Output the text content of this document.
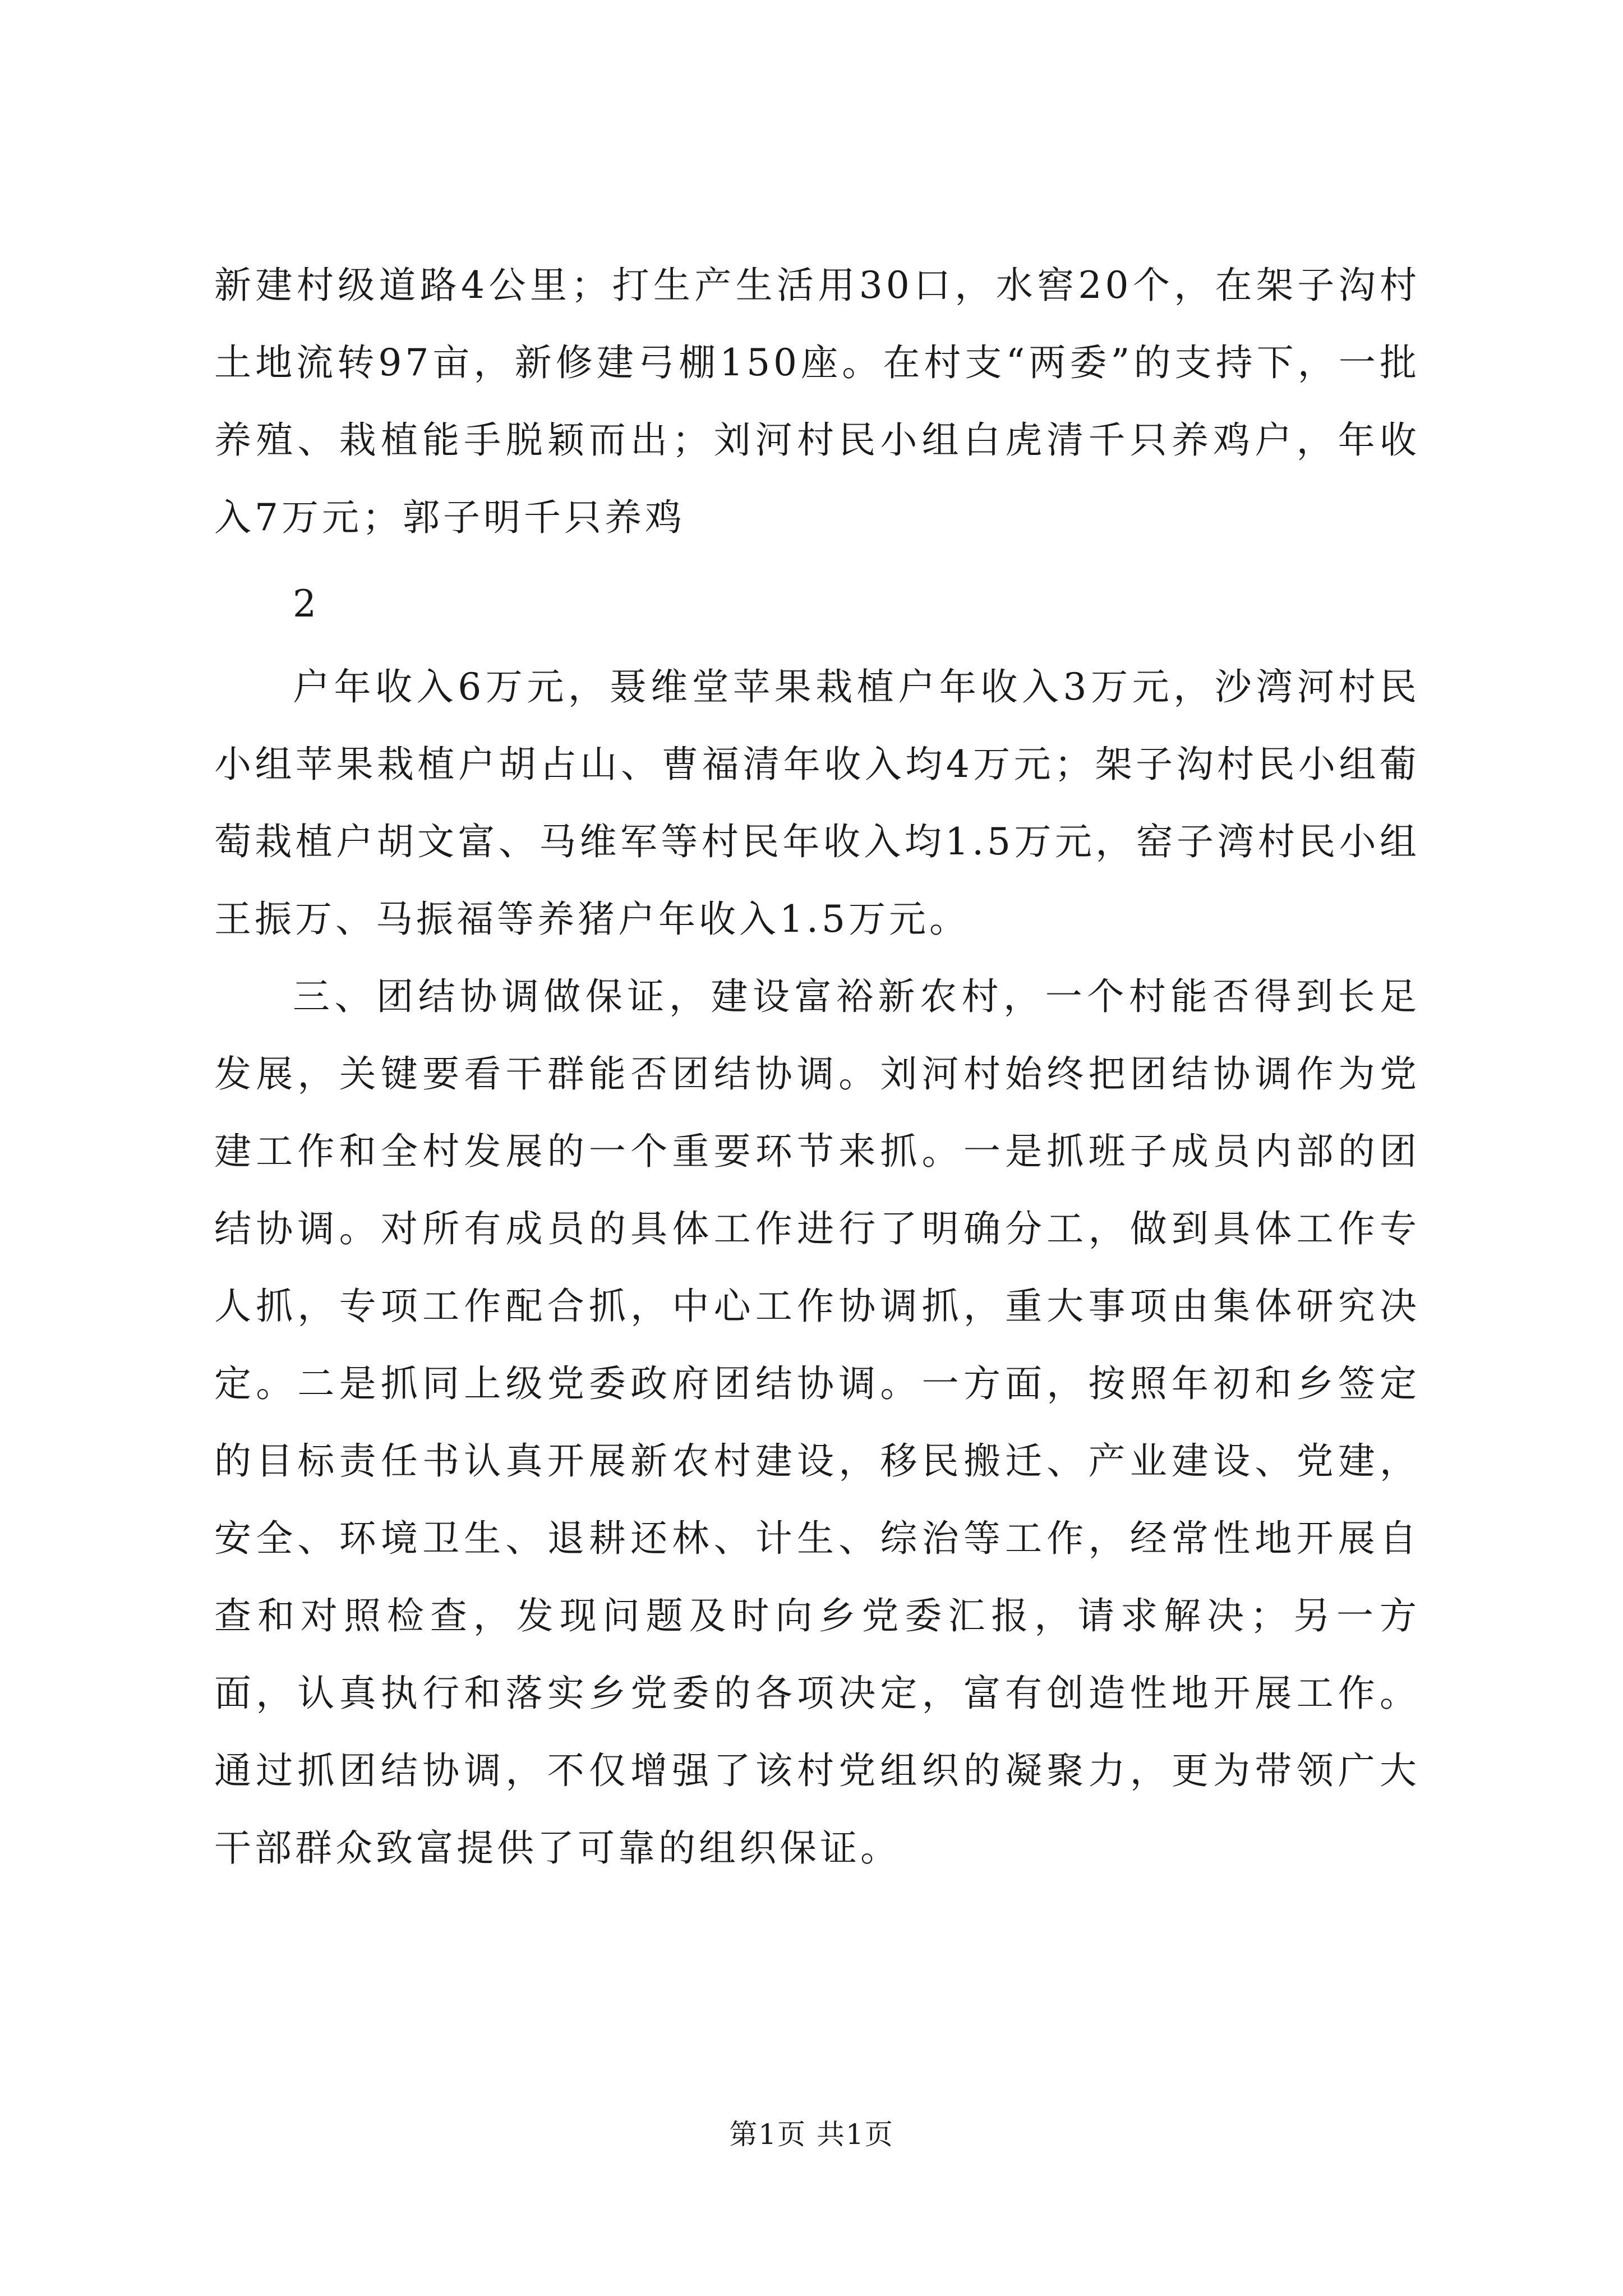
新建村级道路4公里；打生产生活用30口，水窖20个，在架子沟村土地流转97亩，新修建弓棚150座。在村支“两委”的支持下，一批养殖、栽植能手脱颖而出；刘河村民小组白虎清千只养鸡户，年收入7万元；郭子明千只养鸡

2

户年收入6万元，聂维堂苹果栽植户年收入3万元，沙湾河村民小组苹果栽植户胡占山、曹福清年收入均4万元；架子沟村民小组葡萄栽植户胡文富、马维军等村民年收入均1.5万元，窑子湾村民小组王振万、马振福等养猪户年收入1.5万元。

三、团结协调做保证，建设富裕新农村，一个村能否得到长足发展，关键要看干群能否团结协调。刘河村始终把团结协调作为党建工作和全村发展的一个重要环节来抓。一是抓班子成员内部的团结协调。对所有成员的具体工作进行了明确分工，做到具体工作专人抓，专项工作配合抓，中心工作协调抓，重大事项由集体研究决定。二是抓同上级党委政府团结协调。一方面，按照年初和乡签定的目标责任书认真开展新农村建设，移民搬迁、产业建设、党建，安全、环境卫生、退耕还林、计生、综治等工作，经常性地开展自查和对照检查，发现问题及时向乡党委汇报，请求解决；另一方面，认真执行和落实乡党委的各项决定，富有创造性地开展工作。通过抓团结协调，不仅增强了该村党组织的凝聚力，更为带领广大干部群众致富提供了可靠的组织保证。

第1页 共1页
